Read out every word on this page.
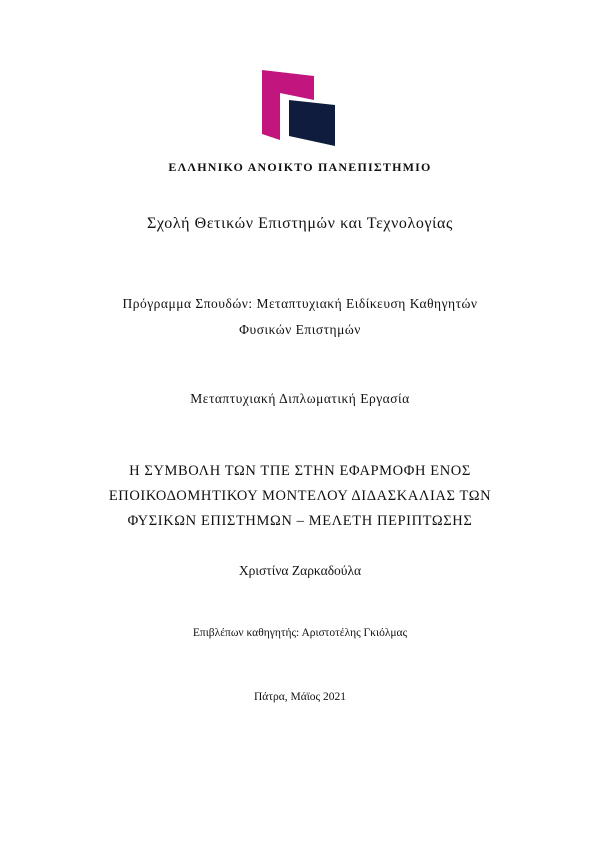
ΕΛΛΗΝΙΚΟ ΑΝΟΙΚΤΟ ΠΑΝΕΠΙΣΤΗΜΙΟ
Σχολή Θετικών Επιστημών και Τεχνολογίας
Πρόγραμμα Σπουδών: Μεταπτυχιακή Ειδίκευση Καθηγητών
Φυσικών Επιστημών
Μεταπτυχιακή Διπλωματική Εργασία
Η ΣΥΜΒΟΛΗ ΤΩΝ ΤΠΕ ΣΤΗΝ ΕΦΑΡΜΟΦΗ ΕΝΟΣ
ΕΠΟΙΚΟΔΟΜΗΤΙΚΟΥ ΜΟΝΤΕΛΟΥ ΔΙΔΑΣΚΑΛΙΑΣ ΤΩΝ
ΦΥΣΙΚΩΝ ΕΠΙΣΤΗΜΩΝ – ΜΕΛΕΤΗ ΠΕΡΙΠΤΩΣΗΣ
Χριστίνα Ζαρκαδούλα
Επιβλέπων καθηγητής: Αριστοτέλης Γκιόλμας
Πάτρα, Μάϊος 2021
